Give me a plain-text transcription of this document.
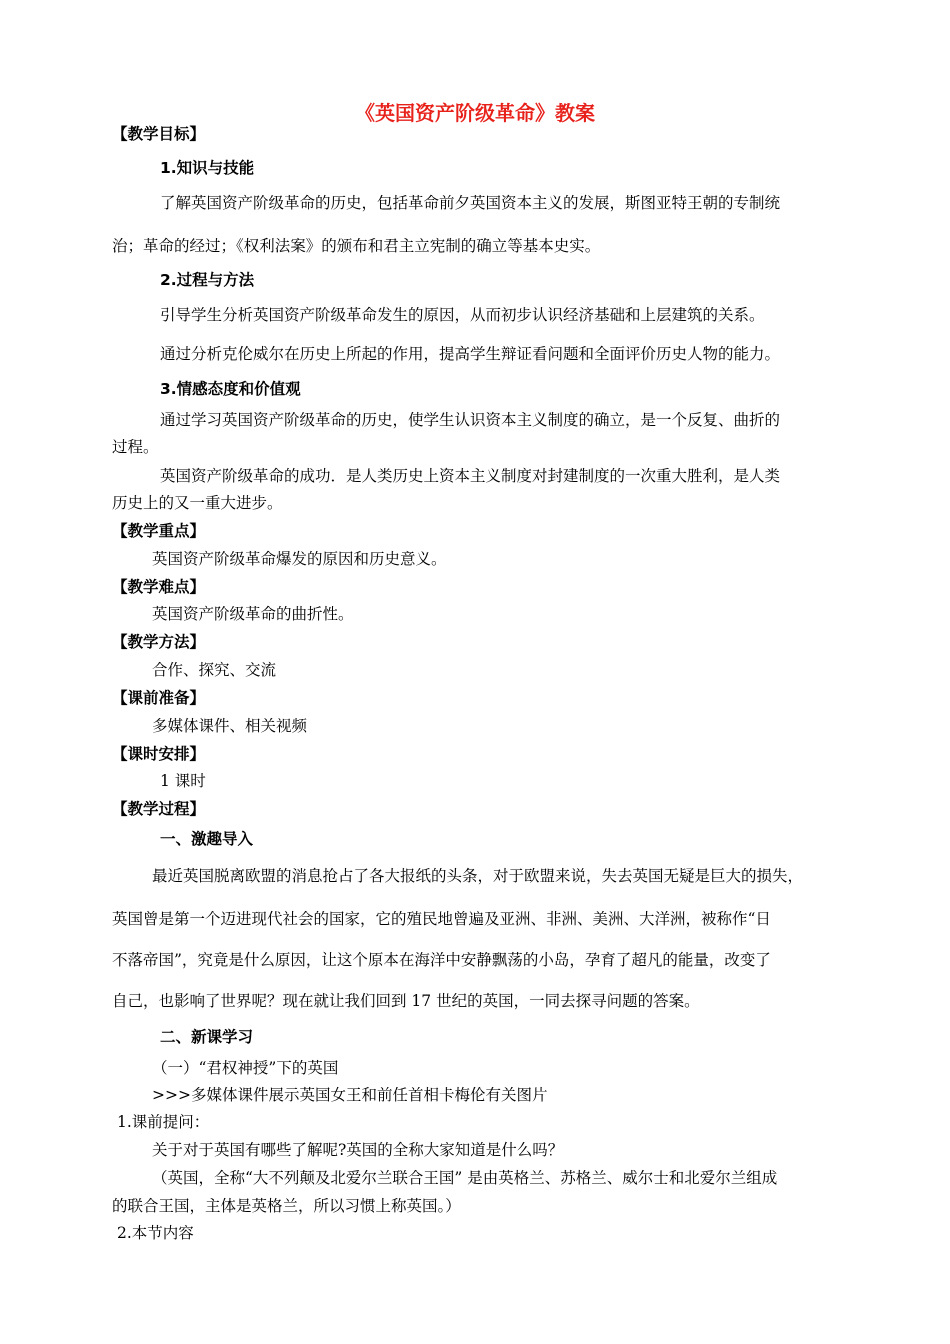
《英国资产阶级革命》教案
【教学目标】
1.知识与技能
了解英国资产阶级革命的历史，包括革命前夕英国资本主义的发展，斯图亚特王朝的专制统
治；革命的经过；《权利法案》的颁布和君主立宪制的确立等基本史实。
2.过程与方法
引导学生分析英国资产阶级革命发生的原因，从而初步认识经济基础和上层建筑的关系。
通过分析克伦威尔在历史上所起的作用，提高学生辩证看问题和全面评价历史人物的能力。
3.情感态度和价值观
通过学习英国资产阶级革命的历史，使学生认识资本主义制度的确立，是一个反复、曲折的
过程。
英国资产阶级革命的成功．是人类历史上资本主义制度对封建制度的一次重大胜利，是人类
历史上的又一重大进步。
【教学重点】
英国资产阶级革命爆发的原因和历史意义。
【教学难点】
英国资产阶级革命的曲折性。
【教学方法】
合作、探究、交流
【课前准备】
多媒体课件、相关视频
【课时安排】
1 课时
【教学过程】
一、激趣导入
最近英国脱离欧盟的消息抢占了各大报纸的头条，对于欧盟来说，失去英国无疑是巨大的损失，
英国曾是第一个迈进现代社会的国家，它的殖民地曾遍及亚洲、非洲、美洲、大洋洲，被称作“日
不落帝国”，究竟是什么原因，让这个原本在海洋中安静飘荡的小岛，孕育了超凡的能量，改变了
自己，也影响了世界呢？现在就让我们回到 17 世纪的英国，一同去探寻问题的答案。
二、新课学习
（一）“君权神授”下的英国
>>>多媒体课件展示英国女王和前任首相卡梅伦有关图片
1.课前提问：
关于对于英国有哪些了解呢?英国的全称大家知道是什么吗？
（英国，全称“大不列颠及北爱尔兰联合王国” 是由英格兰、苏格兰、威尔士和北爱尔兰组成
的联合王国，主体是英格兰，所以习惯上称英国。）
2.本节内容
